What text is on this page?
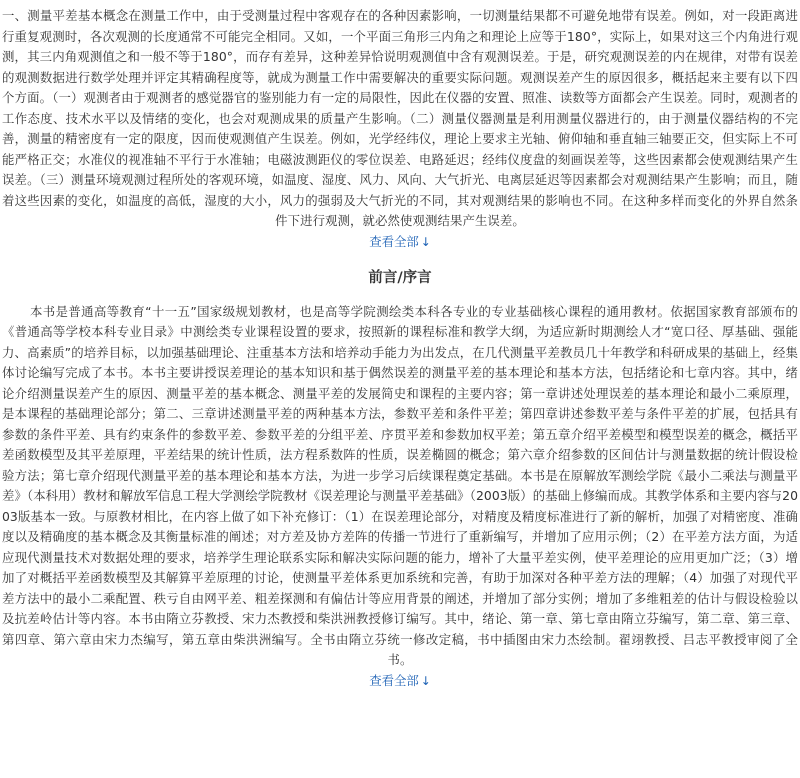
一、测量平差基本概念在测量工作中，由于受测量过程中客观存在的各种因素影响，一切测量结果都不可避免地带有误差。例如，对一段距离进行重复观测时，各次观测的长度通常不可能完全相同。又如，一个平面三角形三内角之和理论上应等于180°，实际上，如果对这三个内角进行观测，其三内角观测值之和一般不等于180°，而存有差异，这种差异恰说明观测值中含有观测误差。于是，研究观测误差的内在规律，对带有误差的观测数据进行数学处理并评定其精确程度等，就成为测量工作中需要解决的重要实际问题。观测误差产生的原因很多，概括起来主要有以下四个方面。（一）观测者由于观测者的感觉器官的鉴别能力有一定的局限性，因此在仪器的安置、照准、读数等方面都会产生误差。同时，观测者的工作态度、技术水平以及情绪的变化，也会对观测成果的质量产生影响。（二）测量仪器测量是利用测量仪器进行的，由于测量仪器结构的不完善，测量的精密度有一定的限度，因而使观测值产生误差。例如，光学经纬仪，理论上要求主光轴、俯仰轴和垂直轴三轴要正交，但实际上不可能严格正交；水准仪的视准轴不平行于水准轴；电磁波测距仪的零位误差、电路延迟；经纬仪度盘的刻画误差等，这些因素都会使观测结果产生误差。（三）测量环境观测过程所处的客观环境，如温度、湿度、风力、风向、大气折光、电离层延迟等因素都会对观测结果产生影响；而且，随着这些因素的变化，如温度的高低，湿度的大小，风力的强弱及大气折光的不同，其对观测结果的影响也不同。在这种多样而变化的外界自然条件下进行观测，就必然使观测结果产生误差。

查看全部 ↓
前言/序言

本书是普通高等教育“十一五”国家级规划教材，也是高等学院测绘类本科各专业的专业基础核心课程的通用教材。依据国家教育部颁布的《普通高等学校本科专业目录》中测绘类专业课程设置的要求，按照新的课程标准和教学大纲，为适应新时期测绘人才“宽口径、厚基础、强能力、高素质”的培养目标，以加强基础理论、注重基本方法和培养动手能力为出发点，在几代测量平差教员几十年教学和科研成果的基础上，经集体讨论编写完成了本书。本书主要讲授误差理论的基本知识和基于偶然误差的测量平差的基本理论和基本方法，包括绪论和七章内容。其中，绪论介绍测量误差产生的原因、测量平差的基本概念、测量平差的发展简史和课程的主要内容；第一章讲述处理误差的基本理论和最小二乘原理，是本课程的基础理论部分；第二、三章讲述测量平差的两种基本方法，参数平差和条件平差；第四章讲述参数平差与条件平差的扩展，包括具有参数的条件平差、具有约束条件的参数平差、参数平差的分组平差、序贯平差和参数加权平差；第五章介绍平差模型和模型误差的概念，概括平差函数模型及其平差原理，平差结果的统计性质，法方程系数阵的性质，误差椭圆的概念；第六章介绍参数的区间估计与测量数据的统计假设检验方法；第七章介绍现代测量平差的基本理论和基本方法，为进一步学习后续课程奠定基础。本书是在原解放军测绘学院《最小二乘法与测量平差》（本科用）教材和解放军信息工程大学测绘学院教材《误差理论与测量平差基础》（2003版）的基础上修编而成。其教学体系和主要内容与2003版基本一致。与原教材相比，在内容上做了如下补充修订：（1）在误差理论部分，对精度及精度标准进行了新的解析，加强了对精密度、准确度以及精确度的基本概念及其衡量标准的阐述；对方差及协方差阵的传播一节进行了重新编写，并增加了应用示例；（2）在平差方法方面，为适应现代测量技术对数据处理的要求，培养学生理论联系实际和解决实际问题的能力，增补了大量平差实例，使平差理论的应用更加广泛；（3）增加了对概括平差函数模型及其解算平差原理的讨论，使测量平差体系更加系统和完善，有助于加深对各种平差方法的理解；（4）加强了对现代平差方法中的最小二乘配置、秩亏自由网平差、粗差探测和有偏估计等应用背景的阐述，并增加了部分实例；增加了多维粗差的估计与假设检验以及抗差岭估计等内容。本书由隋立芬教授、宋力杰教授和柴洪洲教授修订编写。其中，绪论、第一章、第七章由隋立芬编写，第二章、第三章、第四章、第六章由宋力杰编写，第五章由柴洪洲编写。全书由隋立芬统一修改定稿，书中插图由宋力杰绘制。翟翊教授、吕志平教授审阅了全书。

查看全部 ↓
